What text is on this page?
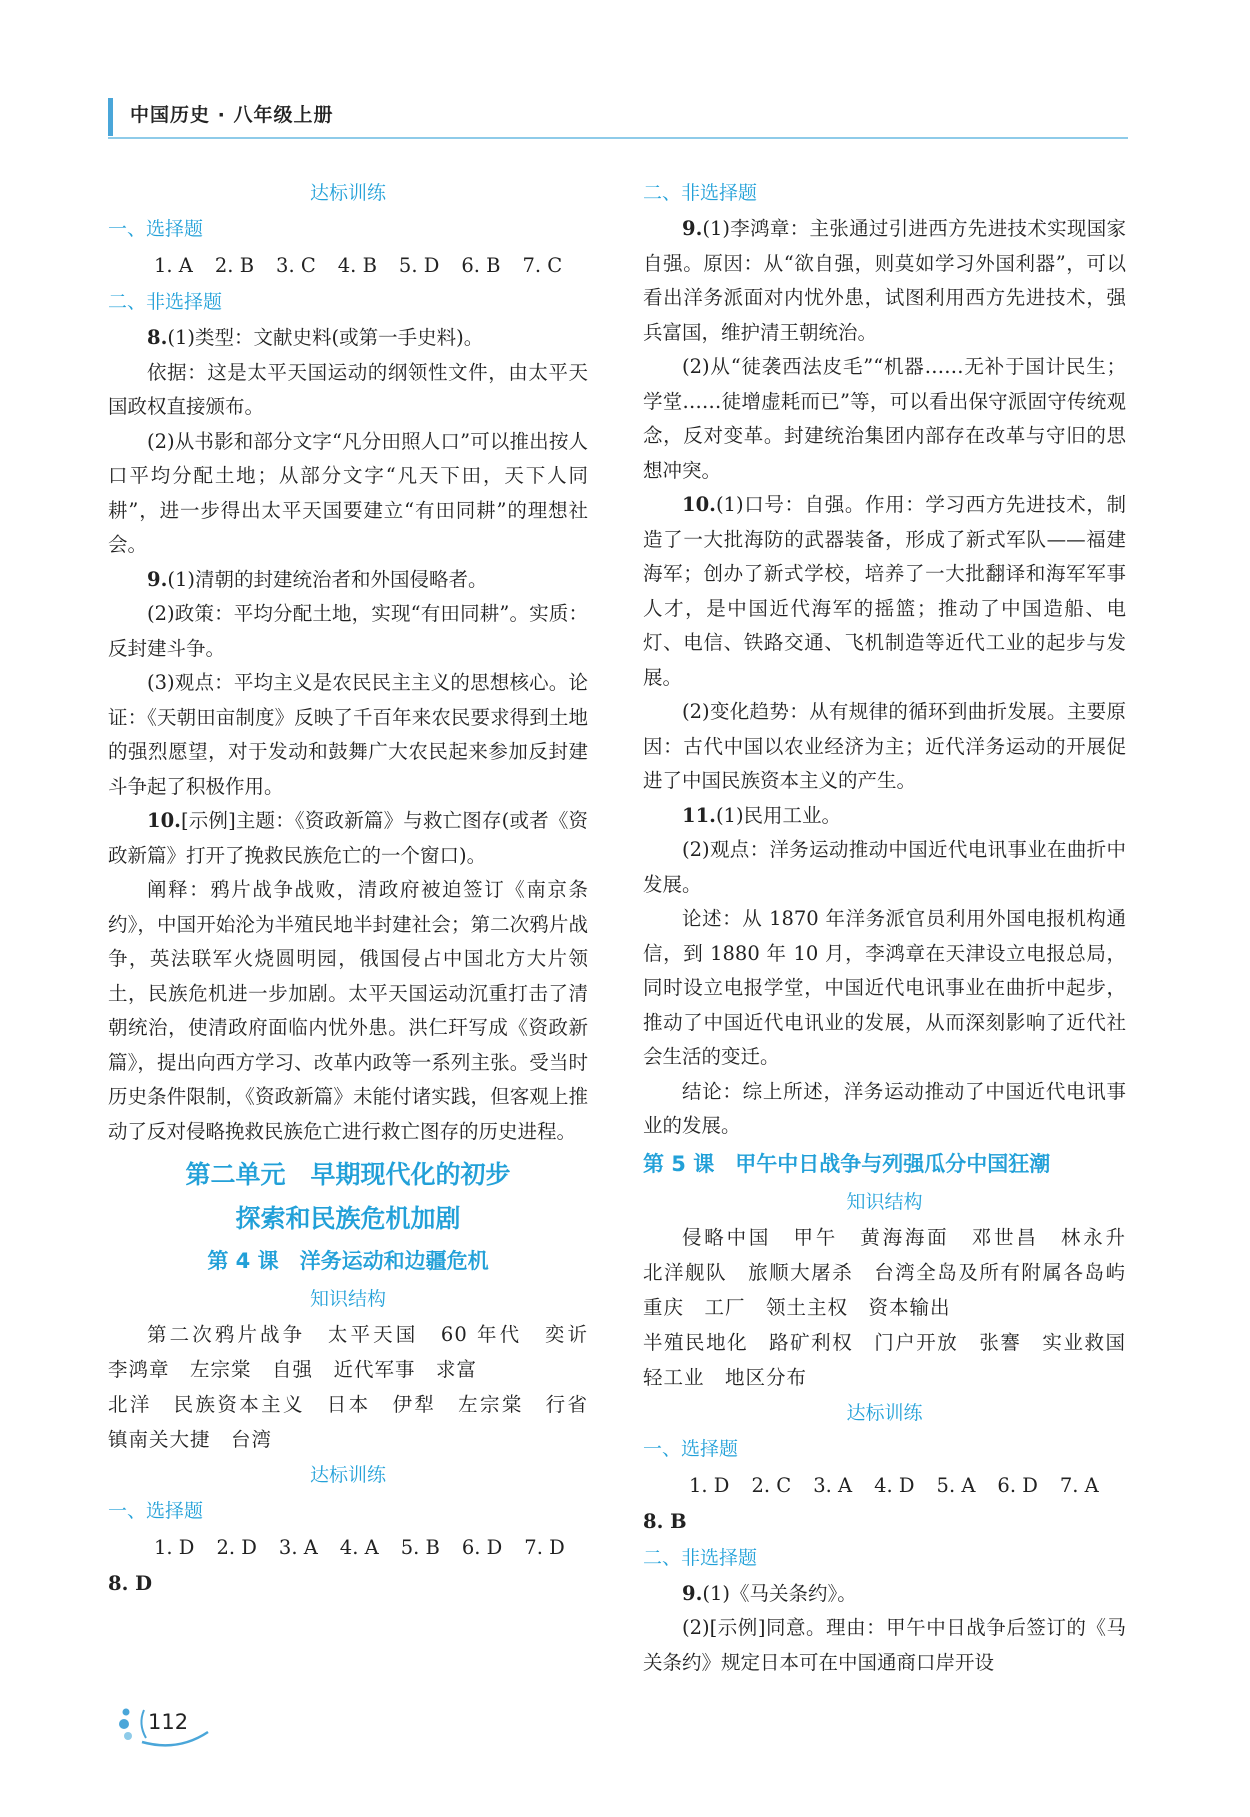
中国历史 · 八年级上册

达标训练

一、选择题

1. A 2. B 3. C 4. B 5. D 6. B 7. C

二、非选择题

8.(1)类型：文献史料(或第一手史料)。

依据：这是太平天国运动的纲领性文件，由太平天国政权直接颁布。

(2)从书影和部分文字“凡分田照人口”可以推出按人口平均分配土地；从部分文字“凡天下田，天下人同耕”，进一步得出太平天国要建立“有田同耕”的理想社会。

9.(1)清朝的封建统治者和外国侵略者。

(2)政策：平均分配土地，实现“有田同耕”。实质：反封建斗争。

(3)观点：平均主义是农民民主主义的思想核心。论证：《天朝田亩制度》反映了千百年来农民要求得到土地的强烈愿望，对于发动和鼓舞广大农民起来参加反封建斗争起了积极作用。

10.[示例]主题：《资政新篇》与救亡图存(或者《资政新篇》打开了挽救民族危亡的一个窗口)。

阐释：鸦片战争战败，清政府被迫签订《南京条约》，中国开始沦为半殖民地半封建社会；第二次鸦片战争，英法联军火烧圆明园，俄国侵占中国北方大片领土，民族危机进一步加剧。太平天国运动沉重打击了清朝统治，使清政府面临内忧外患。洪仁玕写成《资政新篇》，提出向西方学习、改革内政等一系列主张。受当时历史条件限制，《资政新篇》未能付诸实践，但客观上推动了反对侵略挽救民族危亡进行救亡图存的历史进程。

第二单元　早期现代化的初步

探索和民族危机加剧

第 4 课　洋务运动和边疆危机

知识结构

第二次鸦片战争　太平天国　60 年代　奕䜣　李鸿章　左宗棠　自强　近代军事　求富

北洋　民族资本主义　日本　伊犁　左宗棠　行省　镇南关大捷　台湾

达标训练

一、选择题

1. D 2. D 3. A 4. A 5. B 6. D 7. D

8. D

二、非选择题

9.(1)李鸿章：主张通过引进西方先进技术实现国家自强。原因：从“欲自强，则莫如学习外国利器”，可以看出洋务派面对内忧外患，试图利用西方先进技术，强兵富国，维护清王朝统治。

(2)从“徒袭西法皮毛”“机器……无补于国计民生；学堂……徒增虚耗而已”等，可以看出保守派固守传统观念，反对变革。封建统治集团内部存在改革与守旧的思想冲突。

10.(1)口号：自强。作用：学习西方先进技术，制造了一大批海防的武器装备，形成了新式军队——福建海军；创办了新式学校，培养了一大批翻译和海军军事人才，是中国近代海军的摇篮；推动了中国造船、电灯、电信、铁路交通、飞机制造等近代工业的起步与发展。

(2)变化趋势：从有规律的循环到曲折发展。主要原因：古代中国以农业经济为主；近代洋务运动的开展促进了中国民族资本主义的产生。

11.(1)民用工业。

(2)观点：洋务运动推动中国近代电讯事业在曲折中发展。

论述：从 1870 年洋务派官员利用外国电报机构通信，到 1880 年 10 月，李鸿章在天津设立电报总局，同时设立电报学堂，中国近代电讯事业在曲折中起步，推动了中国近代电讯业的发展，从而深刻影响了近代社会生活的变迁。

结论：综上所述，洋务运动推动了中国近代电讯事业的发展。

第 5 课　甲午中日战争与列强瓜分中国狂潮

知识结构

侵略中国　甲午　黄海海面　邓世昌　林永升　北洋舰队　旅顺大屠杀　台湾全岛及所有附属各岛屿　重庆　工厂　领土主权　资本输出

半殖民地化　路矿利权　门户开放　张謇　实业救国　轻工业　地区分布

达标训练

一、选择题

1. D 2. C 3. A 4. D 5. A 6. D 7. A

8. B

二、非选择题

9.(1)《马关条约》。

(2)[示例]同意。理由：甲午中日战争后签订的《马关条约》规定日本可在中国通商口岸开设

112
